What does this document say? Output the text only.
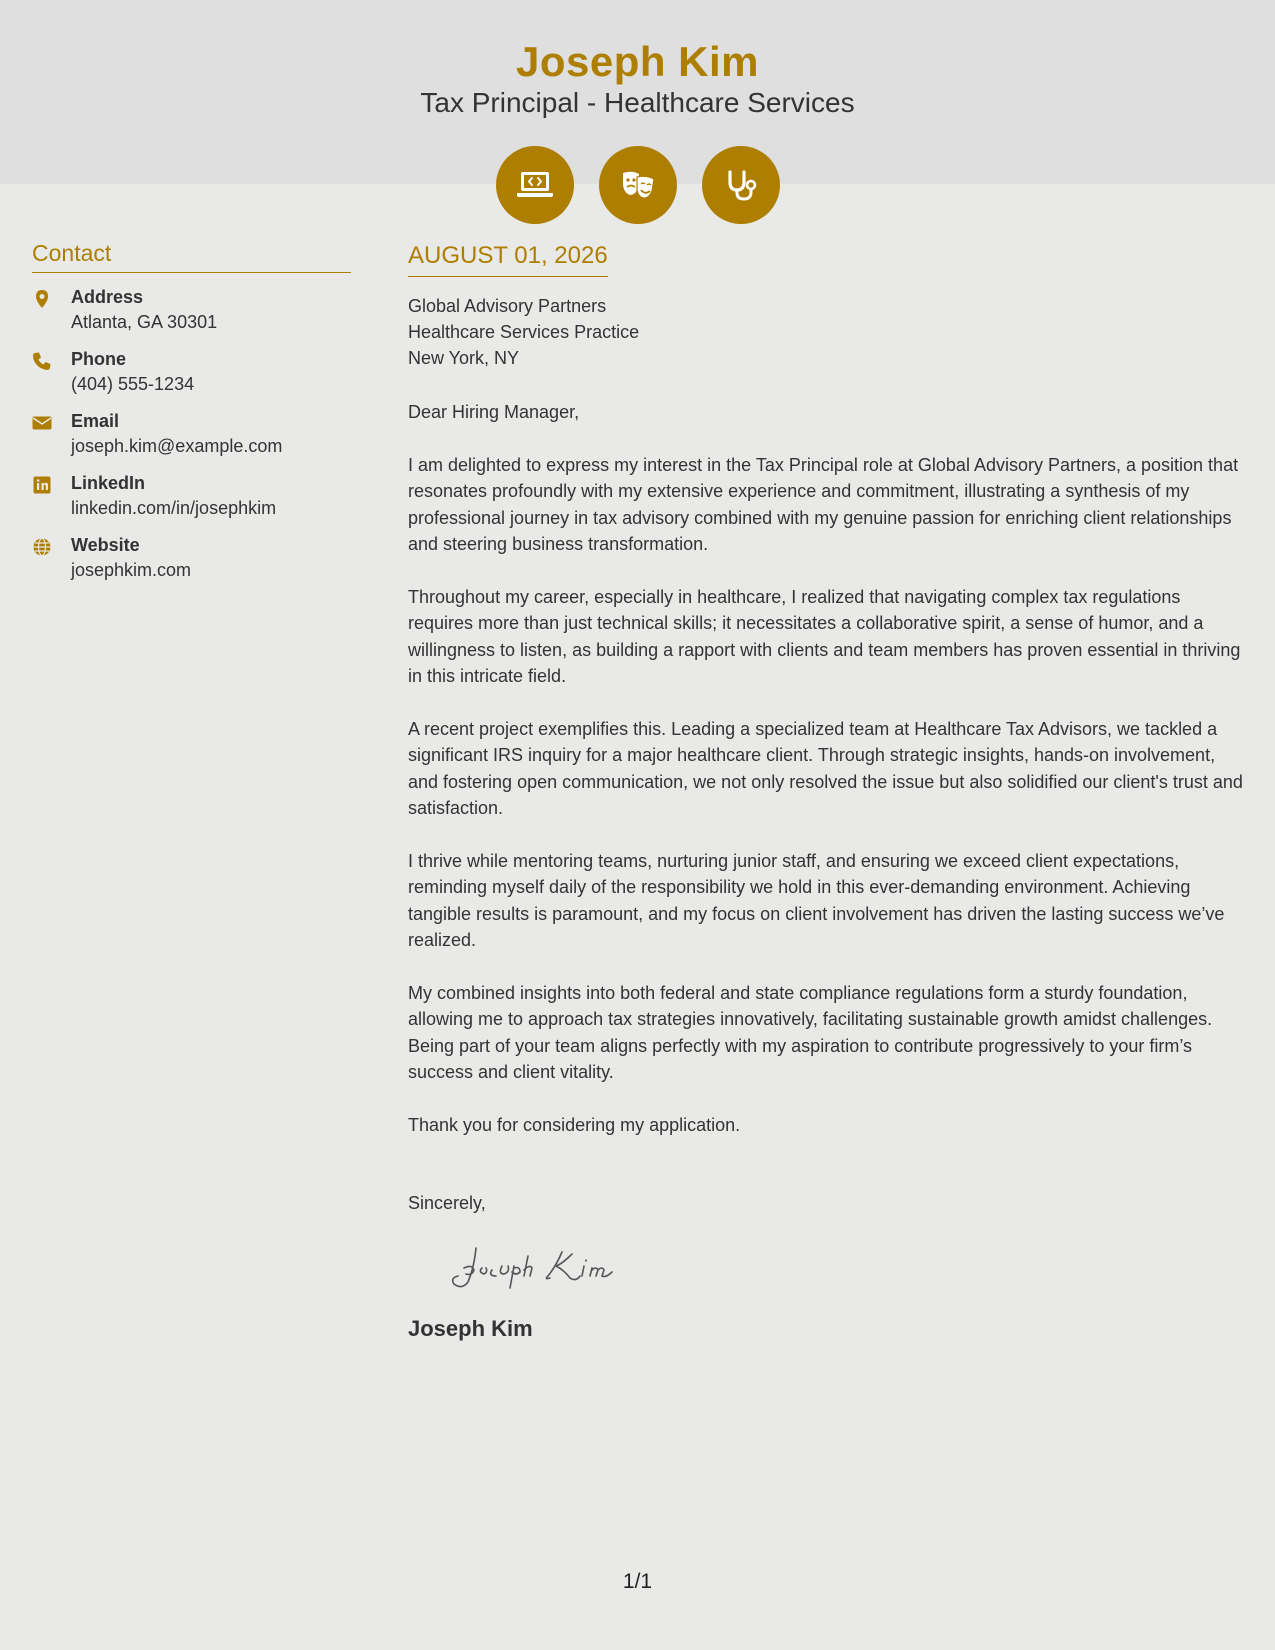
Joseph Kim
Tax Principal - Healthcare Services
Contact
Address
Atlanta, GA 30301
Phone
(404) 555-1234
Email
joseph.kim@example.com
LinkedIn
linkedin.com/in/josephkim
Website
josephkim.com
AUGUST 01, 2026
Global Advisory Partners
Healthcare Services Practice
New York, NY

Dear Hiring Manager,

I am delighted to express my interest in the Tax Principal role at Global Advisory Partners, a position that resonates profoundly with my extensive experience and commitment, illustrating a synthesis of my professional journey in tax advisory combined with my genuine passion for enriching client relationships and steering business transformation.

Throughout my career, especially in healthcare, I realized that navigating complex tax regulations requires more than just technical skills; it necessitates a collaborative spirit, a sense of humor, and a willingness to listen, as building a rapport with clients and team members has proven essential in thriving in this intricate field.

A recent project exemplifies this. Leading a specialized team at Healthcare Tax Advisors, we tackled a significant IRS inquiry for a major healthcare client. Through strategic insights, hands-on involvement, and fostering open communication, we not only resolved the issue but also solidified our client's trust and satisfaction.

I thrive while mentoring teams, nurturing junior staff, and ensuring we exceed client expectations, reminding myself daily of the responsibility we hold in this ever-demanding environment. Achieving tangible results is paramount, and my focus on client involvement has driven the lasting success we’ve realized.

My combined insights into both federal and state compliance regulations form a sturdy foundation, allowing me to approach tax strategies innovatively, facilitating sustainable growth amidst challenges. Being part of your team aligns perfectly with my aspiration to contribute progressively to your firm’s success and client vitality.

Thank you for considering my application.

Sincerely,
Joseph Kim
1/1
